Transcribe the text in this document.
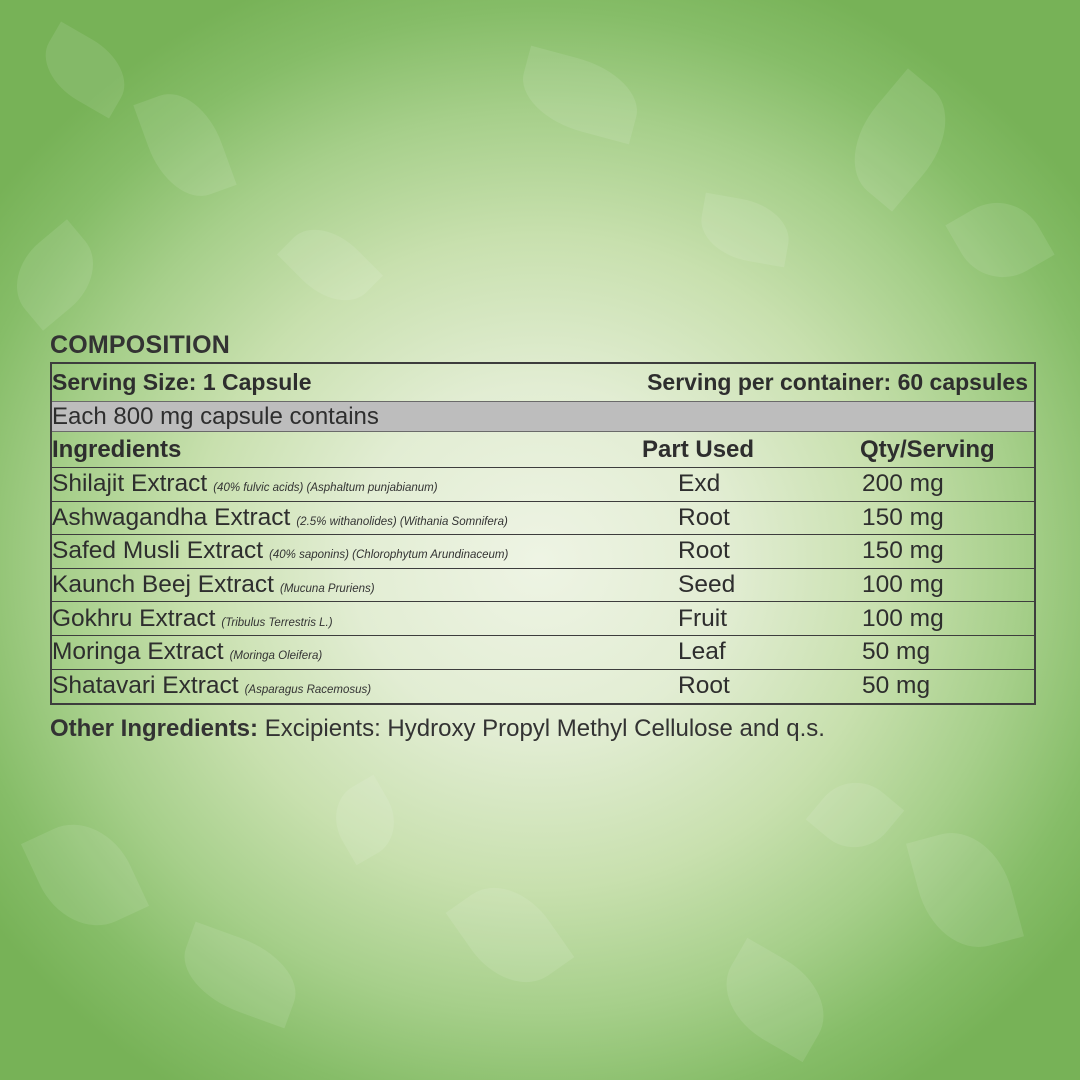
COMPOSITION
Serving Size: 1 Capsule	Serving per container: 60 capsules
Each 800 mg capsule contains
Ingredients	Part Used	Qty/Serving
Shilajit Extract (40% fulvic acids) (Asphaltum punjabianum)	Exd	200 mg
Ashwagandha Extract (2.5% withanolides) (Withania Somnifera)	Root	150 mg
Safed Musli Extract (40% saponins) (Chlorophytum Arundinaceum)	Root	150 mg
Kaunch Beej Extract (Mucuna Pruriens)	Seed	100 mg
Gokhru Extract (Tribulus Terrestris L.)	Fruit	100 mg
Moringa Extract (Moringa Oleifera)	Leaf	50 mg
Shatavari Extract (Asparagus Racemosus)	Root	50 mg
Other Ingredients: Excipients: Hydroxy Propyl Methyl Cellulose and q.s.
